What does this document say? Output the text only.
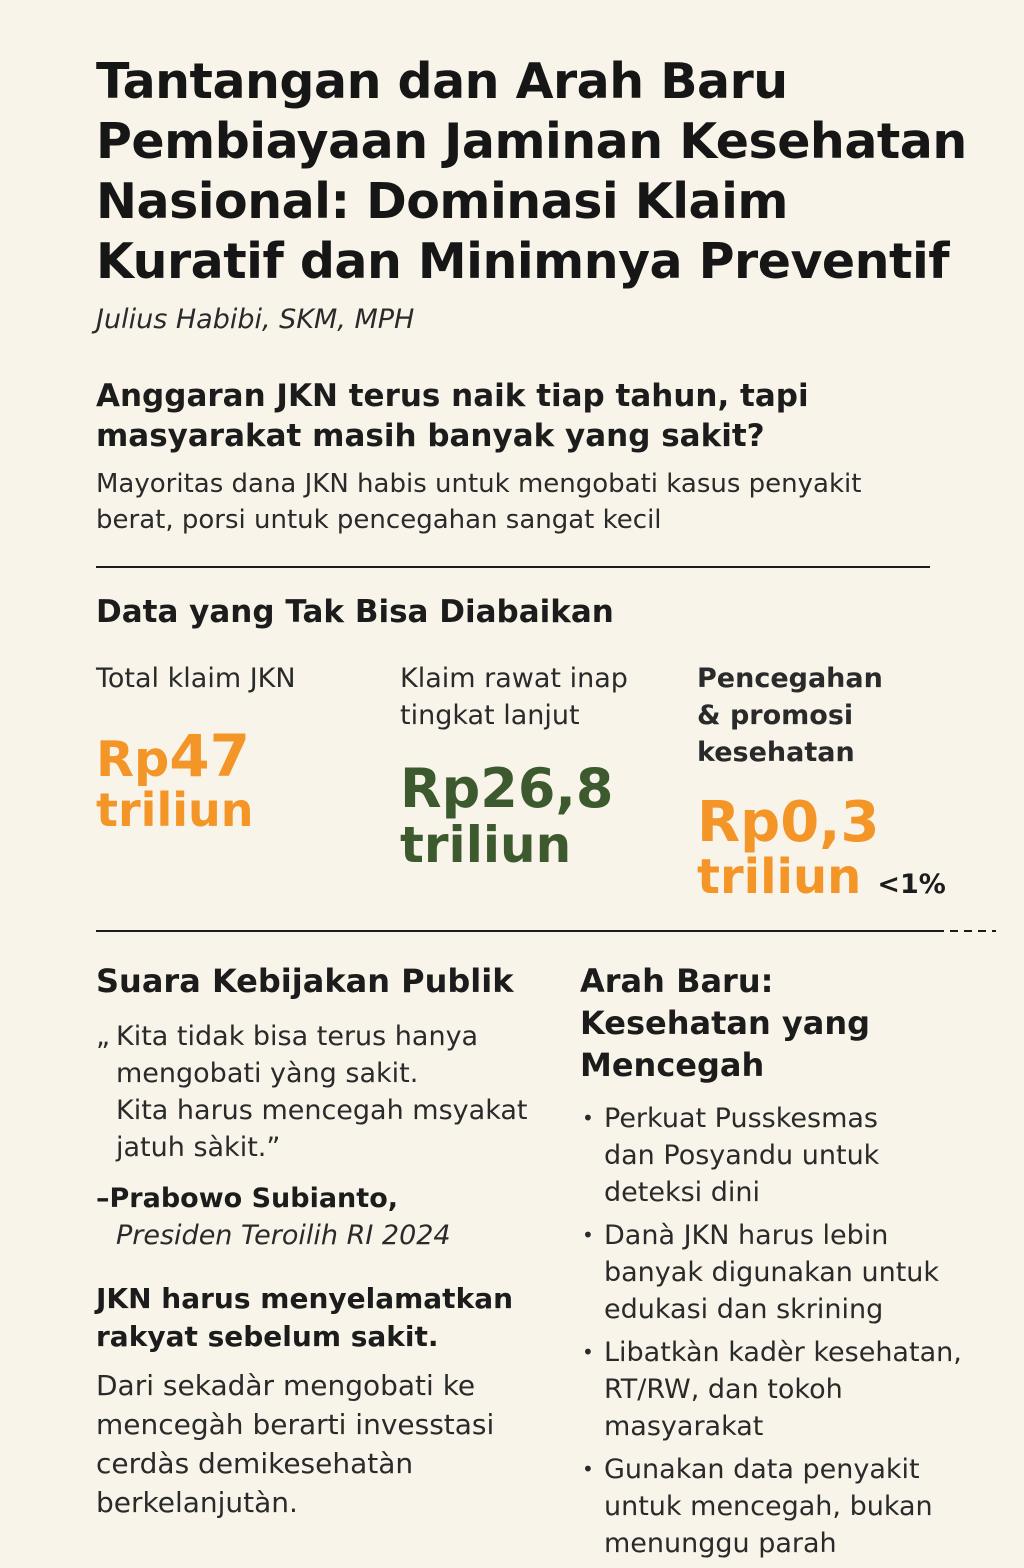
Tantangan dan Arah Baru
Pembiayaan Jaminan Kesehatan
Nasional: Dominasi Klaim
Kuratif dan Minimnya Preventif
Julius Habibi, SKM, MPH
Anggaran JKN terus naik tiap tahun, tapi
masyarakat masih banyak yang sakit?
Mayoritas dana JKN habis untuk mengobati kasus penyakit
berat, porsi untuk pencegahan sangat kecil
Data yang Tak Bisa Diabaikan
Total klaim JKN
Rp47
triliun
Klaim rawat inap
tingkat lanjut
Rp26,8
triliun
Pencegahan
& promosi
kesehatan
Rp0,3
triliun <1%
Suara Kebijakan Publik
„ Kita tidak bisa terus hanya
mengobati yàng sakit.
Kita harus mencegah msyakat
jatuh sàkit.”
–Prabowo Subianto,
Presiden Teroilih RI 2024
JKN harus menyelamatkan
rakyat sebelum sakit.
Dari sekadàr mengobati ke
mencegàh berarti invesstasi
cerdàs demikesehatàn
berkelanjutàn.
Arah Baru:
Kesehatan yang
Mencegah
• Perkuat Pusskesmas
dan Posyandu untuk
deteksi dini
• Danà JKN harus lebin
banyak digunakan untuk
edukasi dan skrining
• Libatkàn kadèr kesehatan,
RT/RW, dan tokoh
masyarakat
• Gunakan data penyakit
untuk mencegah, bukan
menunggu parah
